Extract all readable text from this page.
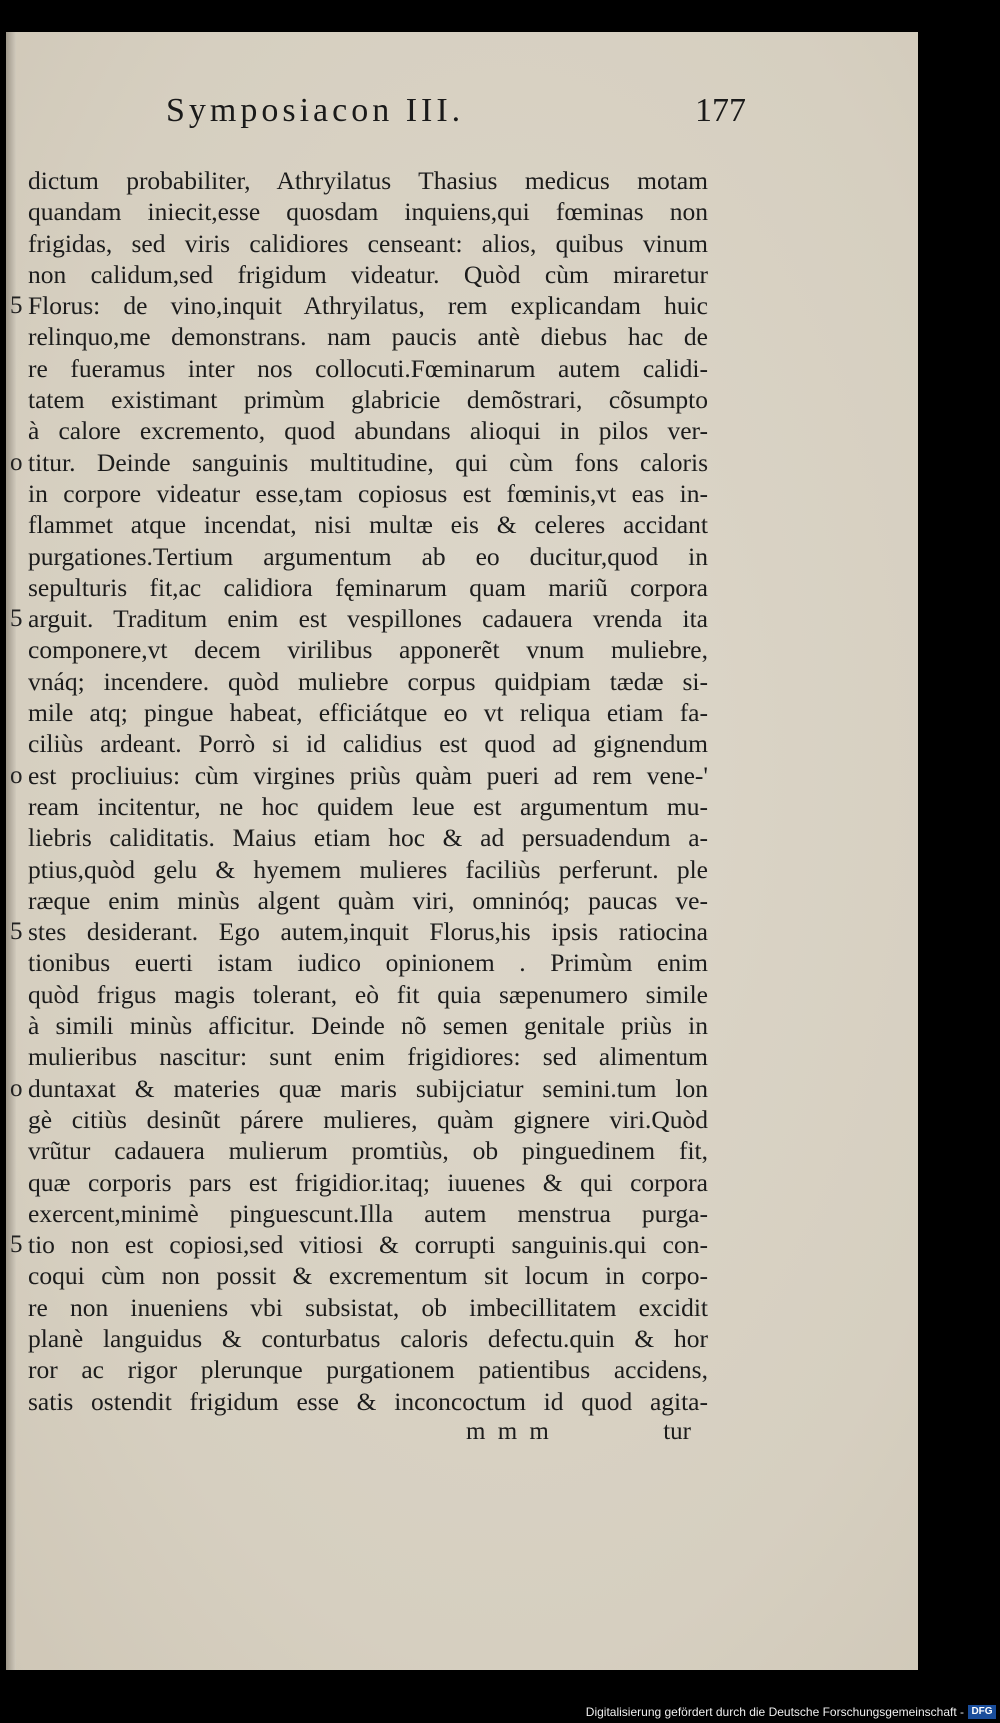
Symposiacon III.	177
dictum probabiliter, Athryilatus Thasius medicus motam
quandam iniecit,esse quosdam inquiens,qui fœminas non
frigidas, sed viris calidiores censeant: alios, quibus vinum
non calidum,sed frigidum videatur. Quòd cùm miraretur
5 Florus: de vino,inquit Athryilatus, rem explicandam huic
relinquo,me demonstrans. nam paucis antè diebus hac de
re fueramus inter nos collocuti.Fœminarum autem calidi-
tatem existimant primùm glabricie demõstrari, cõsumpto
à calore excremento, quod abundans alioqui in pilos ver-
o titur. Deinde sanguinis multitudine, qui cùm fons caloris
in corpore videatur esse,tam copiosus est fœminis,vt eas in-
flammet atque incendat, nisi multæ eis & celeres accidant
purgationes.Tertium argumentum ab eo ducitur,quod in
sepulturis fit,ac calidiora fęminarum quam mariũ corpora
5 arguit. Traditum enim est vespillones cadauera vrenda ita
componere,vt decem virilibus apponerẽt vnum muliebre,
vnáq; incendere. quòd muliebre corpus quidpiam tædæ si-
mile atq; pingue habeat, efficiátque eo vt reliqua etiam fa-
ciliùs ardeant. Porrò si id calidius est quod ad gignendum
o est procliuius: cùm virgines priùs quàm pueri ad rem vene-'
ream incitentur, ne hoc quidem leue est argumentum mu-
liebris caliditatis. Maius etiam hoc & ad persuadendum a-
ptius,quòd gelu & hyemem mulieres faciliùs perferunt. ple
ræque enim minùs algent quàm viri, omninóq; paucas ve-
5 stes desiderant. Ego autem,inquit Florus,his ipsis ratiocina
tionibus euerti istam iudico opinionem . Primùm enim
quòd frigus magis tolerant, eò fit quia sæpenumero simile
à simili minùs afficitur. Deinde nõ semen genitale priùs in
mulieribus nascitur: sunt enim frigidiores: sed alimentum
o duntaxat & materies quæ maris subijciatur semini.tum lon
gè citiùs desinũt párere mulieres, quàm gignere viri.Quòd
vrũtur cadauera mulierum promtiùs, ob pinguedinem fit,
quæ corporis pars est frigidior.itaq; iuuenes & qui corpora
exercent,minimè pinguescunt.Illa autem menstrua purga-
5 tio non est copiosi,sed vitiosi & corrupti sanguinis.qui con-
coqui cùm non possit & excrementum sit locum in corpo-
re non inueniens vbi subsistat, ob imbecillitatem excidit
planè languidus & conturbatus caloris defectu.quin & hor
ror ac rigor plerunque purgationem patientibus accidens,
satis ostendit frigidum esse & inconcoctum id quod agita-
m m m	tur
Digitalisierung gefördert durch die Deutsche Forschungsgemeinschaft - DFG
